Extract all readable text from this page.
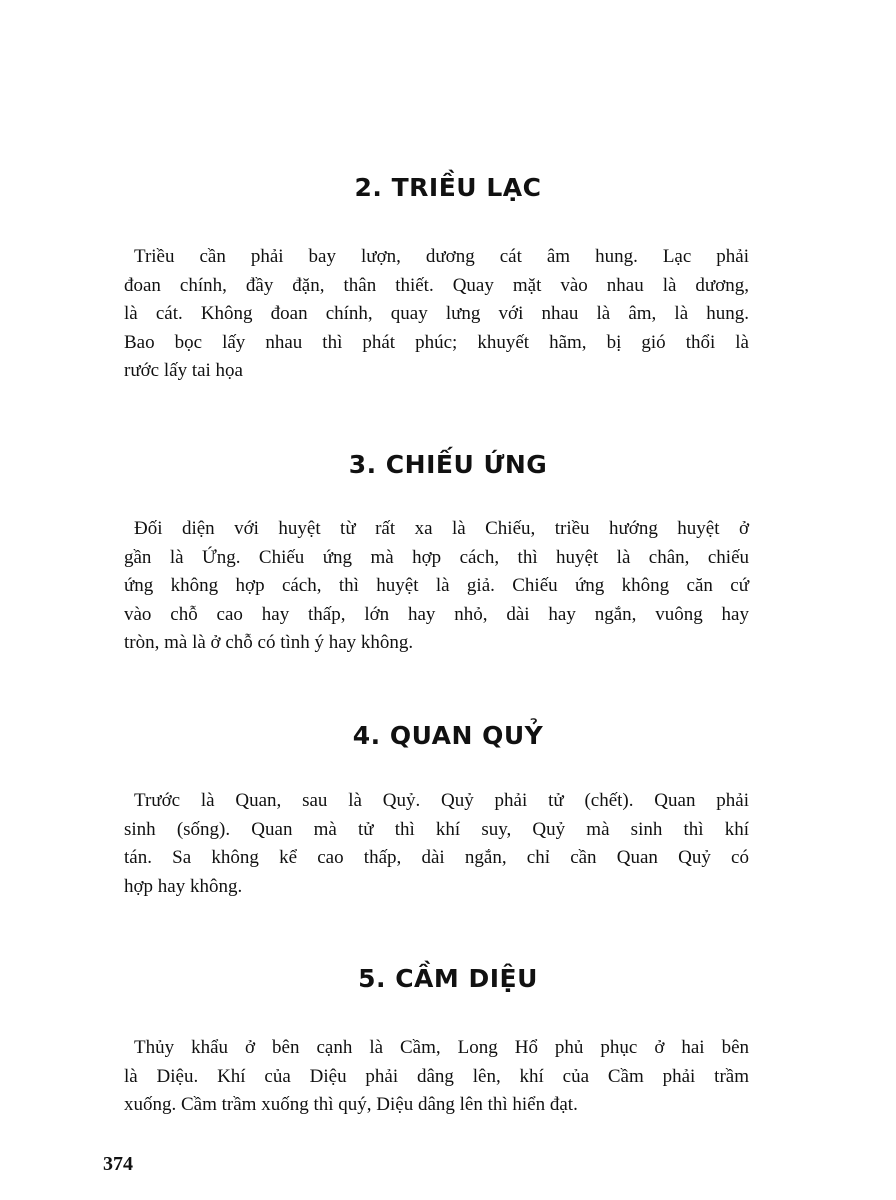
2. TRIỀU LẠC
Triều cần phải bay lượn, dương cát âm hung. Lạc phải
đoan chính, đầy đặn, thân thiết. Quay mặt vào nhau là dương,
là cát. Không đoan chính, quay lưng với nhau là âm, là hung.
Bao bọc lấy nhau thì phát phúc; khuyết hãm, bị gió thổi là
rước lấy tai họa
3. CHIẾU ỨNG
Đối diện với huyệt từ rất xa là Chiếu, triều hướng huyệt ở
gần là Ứng. Chiếu ứng mà hợp cách, thì huyệt là chân, chiếu
ứng không hợp cách, thì huyệt là giả. Chiếu ứng không căn cứ
vào chỗ cao hay thấp, lớn hay nhỏ, dài hay ngắn, vuông hay
tròn, mà là ở chỗ có tình ý hay không.
4. QUAN QUỶ
Trước là Quan, sau là Quỷ. Quỷ phải tử (chết). Quan phải
sinh (sống). Quan mà tử thì khí suy, Quỷ mà sinh thì khí
tán. Sa không kể cao thấp, dài ngắn, chỉ cần Quan Quỷ có
hợp hay không.
5. CẦM DIỆU
Thủy khẩu ở bên cạnh là Cầm, Long Hổ phủ phục ở hai bên
là Diệu. Khí của Diệu phải dâng lên, khí của Cầm phải trầm
xuống. Cầm trầm xuống thì quý, Diệu dâng lên thì hiển đạt.
374
